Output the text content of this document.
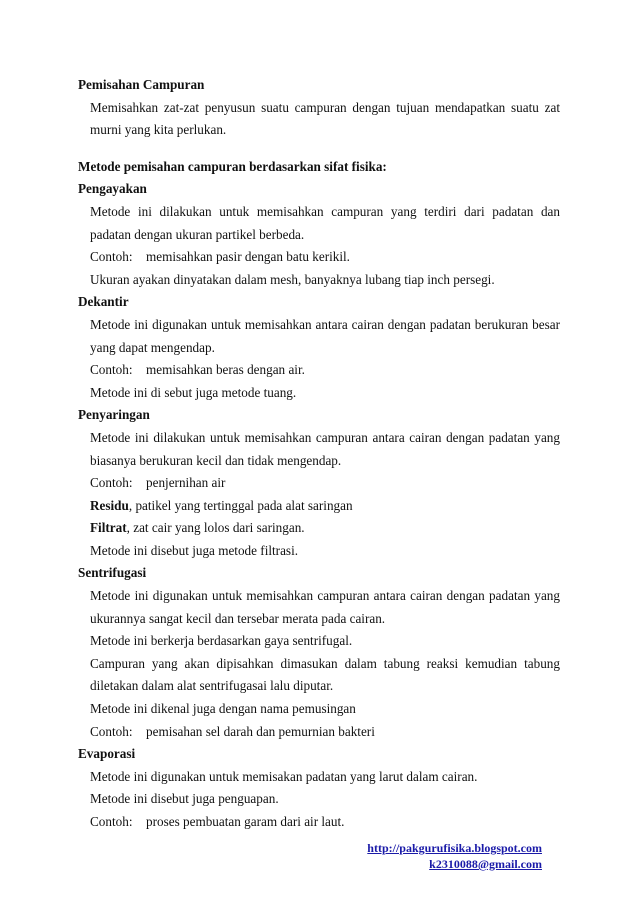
Pemisahan Campuran

Memisahkan zat-zat penyusun suatu campuran dengan tujuan mendapatkan suatu zat murni yang kita perlukan.

Metode pemisahan campuran berdasarkan sifat fisika:

Pengayakan

Metode ini dilakukan untuk memisahkan campuran yang terdiri dari padatan dan padatan dengan ukuran partikel berbeda.

Contoh: memisahkan pasir dengan batu kerikil.

Ukuran ayakan dinyatakan dalam mesh, banyaknya lubang tiap inch persegi.

Dekantir

Metode ini digunakan untuk memisahkan antara cairan dengan padatan berukuran besar yang dapat mengendap.

Contoh: memisahkan beras dengan air.

Metode ini di sebut juga metode tuang.

Penyaringan

Metode ini dilakukan untuk memisahkan campuran antara cairan dengan padatan yang biasanya berukuran kecil dan tidak mengendap.

Contoh: penjernihan air

Residu, patikel yang tertinggal pada alat saringan

Filtrat, zat cair yang lolos dari saringan.

Metode ini disebut juga metode filtrasi.

Sentrifugasi

Metode ini digunakan untuk memisahkan campuran antara cairan dengan padatan yang ukurannya sangat kecil dan tersebar merata pada cairan.

Metode ini berkerja berdasarkan gaya sentrifugal.

Campuran yang akan dipisahkan dimasukan dalam tabung reaksi kemudian tabung diletakan dalam alat sentrifugasai lalu diputar.

Metode ini dikenal juga dengan nama pemusingan

Contoh: pemisahan sel darah dan pemurnian bakteri

Evaporasi

Metode ini digunakan untuk memisakan padatan yang larut dalam cairan.

Metode ini disebut juga penguapan.

Contoh: proses pembuatan garam dari air laut.

http://pakgurufisika.blogspot.com
k2310088@gmail.com
